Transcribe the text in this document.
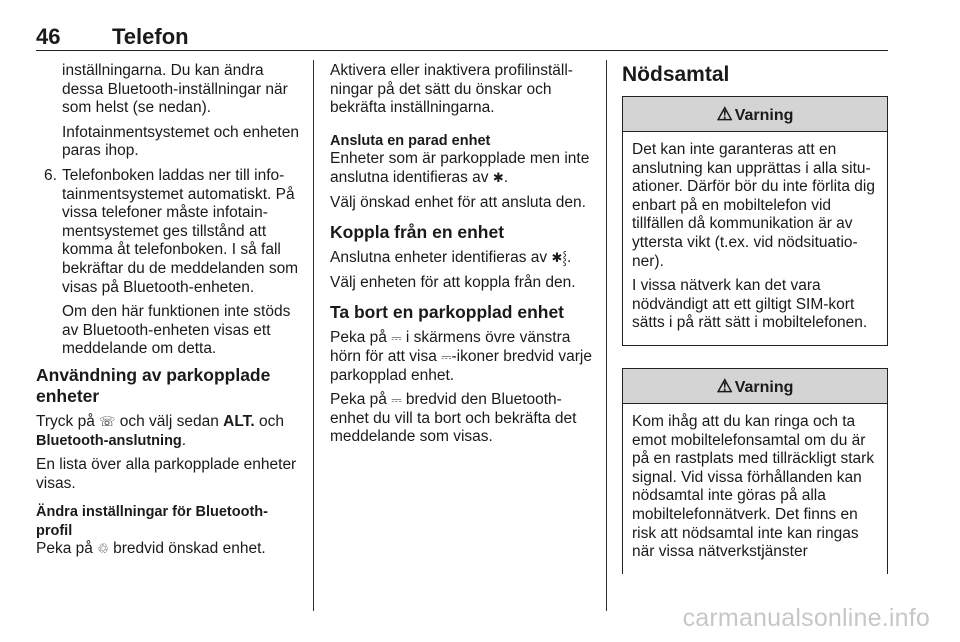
46 Telefon

inställningarna. Du kan ändra dessa Bluetooth-inställningar när som helst (se nedan).

Infotainmentsystemet och enheten paras ihop.

6. Telefonboken laddas ner till infotainmentsystemet automatiskt. På vissa telefoner måste infotainmentsystemet ges tillstånd att komma åt telefonboken. I så fall bekräftar du de meddelanden som visas på Bluetooth-enheten.

Om den här funktionen inte stöds av Bluetooth-enheten visas ett meddelande om detta.

Användning av parkopplade enheter

Tryck på ☏ och välj sedan ALT. och Bluetooth-anslutning.

En lista över alla parkopplade enheter visas.

Ändra inställningar för Bluetooth-profil

Peka på ♲ bredvid önskad enhet.

Aktivera eller inaktivera profilinställningar på det sätt du önskar och bekräfta inställningarna.

Ansluta en parad enhet

Enheter som är parkopplade men inte anslutna identifieras av ✱.

Välj önskad enhet för att ansluta den.

Koppla från en enhet

Anslutna enheter identifieras av ✱⸾.

Välj enheten för att koppla från den.

Ta bort en parkopplad enhet

Peka på ⎓ i skärmens övre vänstra hörn för att visa ⎓-ikoner bredvid varje parkopplad enhet.

Peka på ⎓ bredvid den Bluetooth-enhet du vill ta bort och bekräfta det meddelande som visas.

Nödsamtal
⚠ Varning

Det kan inte garanteras att en anslutning kan upprättas i alla situationer. Därför bör du inte förlita dig enbart på en mobiltelefon vid tillfällen då kommunikation är av yttersta vikt (t.ex. vid nödsituationer).

I vissa nätverk kan det vara nödvändigt att ett giltigt SIM-kort sätts i på rätt sätt i mobiltelefonen.

⚠ Varning

Kom ihåg att du kan ringa och ta emot mobiltelefonsamtal om du är på en rastplats med tillräckligt stark signal. Vid vissa förhållanden kan nödsamtal inte göras på alla mobiltelefonnätverk. Det finns en risk att nödsamtal inte kan ringas när vissa nätverkstjänster

carmanualsonline.info
